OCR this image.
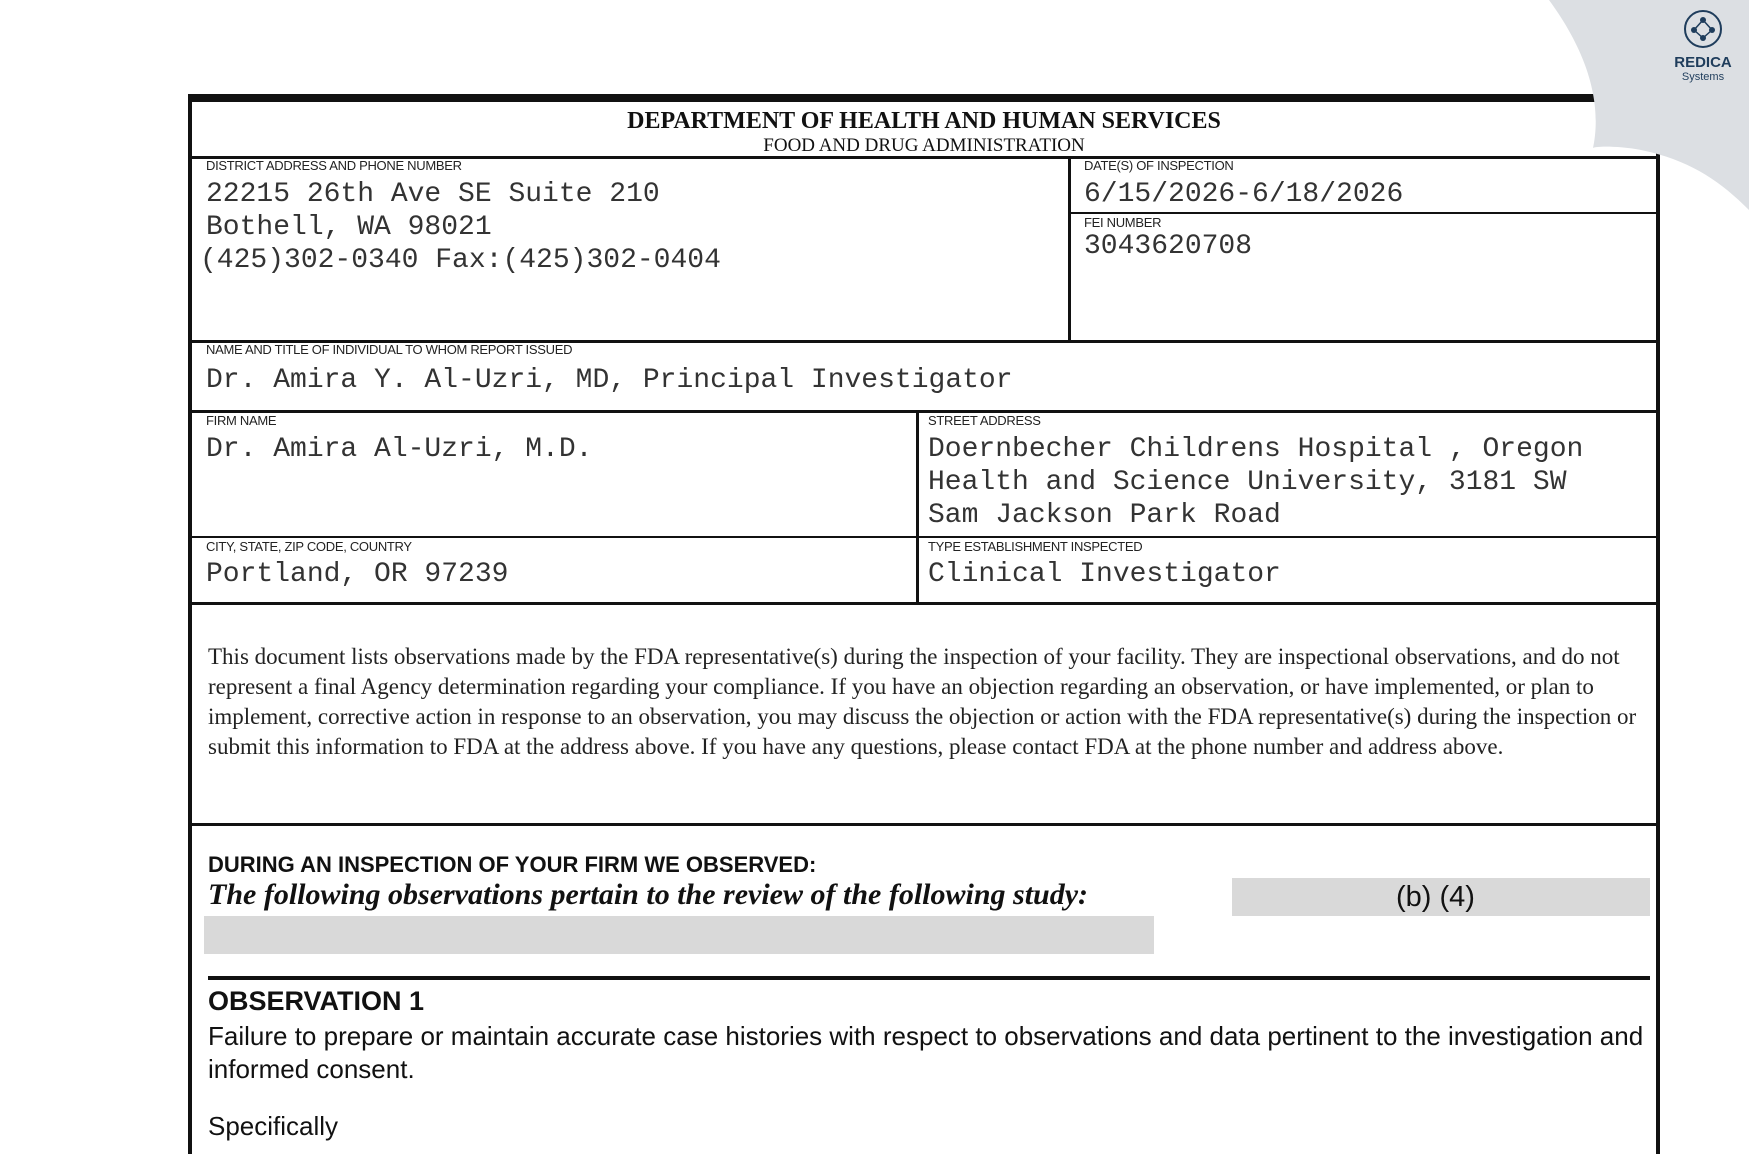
DEPARTMENT OF HEALTH AND HUMAN SERVICES
FOOD AND DRUG ADMINISTRATION
DISTRICT ADDRESS AND PHONE NUMBER
22215 26th Ave SE Suite 210
Bothell, WA 98021
(425)302-0340 Fax:(425)302-0404
DATE(S) OF INSPECTION
6/15/2026-6/18/2026
FEI NUMBER
3043620708
NAME AND TITLE OF INDIVIDUAL TO WHOM REPORT ISSUED
Dr. Amira Y. Al-Uzri, MD, Principal Investigator
FIRM NAME
Dr. Amira Al-Uzri, M.D.
STREET ADDRESS
Doernbecher Childrens Hospital , Oregon
Health and Science University, 3181 SW
Sam Jackson Park Road
CITY, STATE, ZIP CODE, COUNTRY
Portland, OR 97239
TYPE ESTABLISHMENT INSPECTED
Clinical Investigator
This document lists observations made by the FDA representative(s) during the inspection of your facility. They are inspectional observations, and do not represent a final Agency determination regarding your compliance. If you have an objection regarding an observation, or have implemented, or plan to implement, corrective action in response to an observation, you may discuss the objection or action with the FDA representative(s) during the inspection or submit this information to FDA at the address above. If you have any questions, please contact FDA at the phone number and address above.
DURING AN INSPECTION OF YOUR FIRM WE OBSERVED:
The following observations pertain to the review of the following study:	(b) (4)
OBSERVATION 1
Failure to prepare or maintain accurate case histories with respect to observations and data pertinent to the investigation and informed consent.
Specifically
REDICA
Systems
